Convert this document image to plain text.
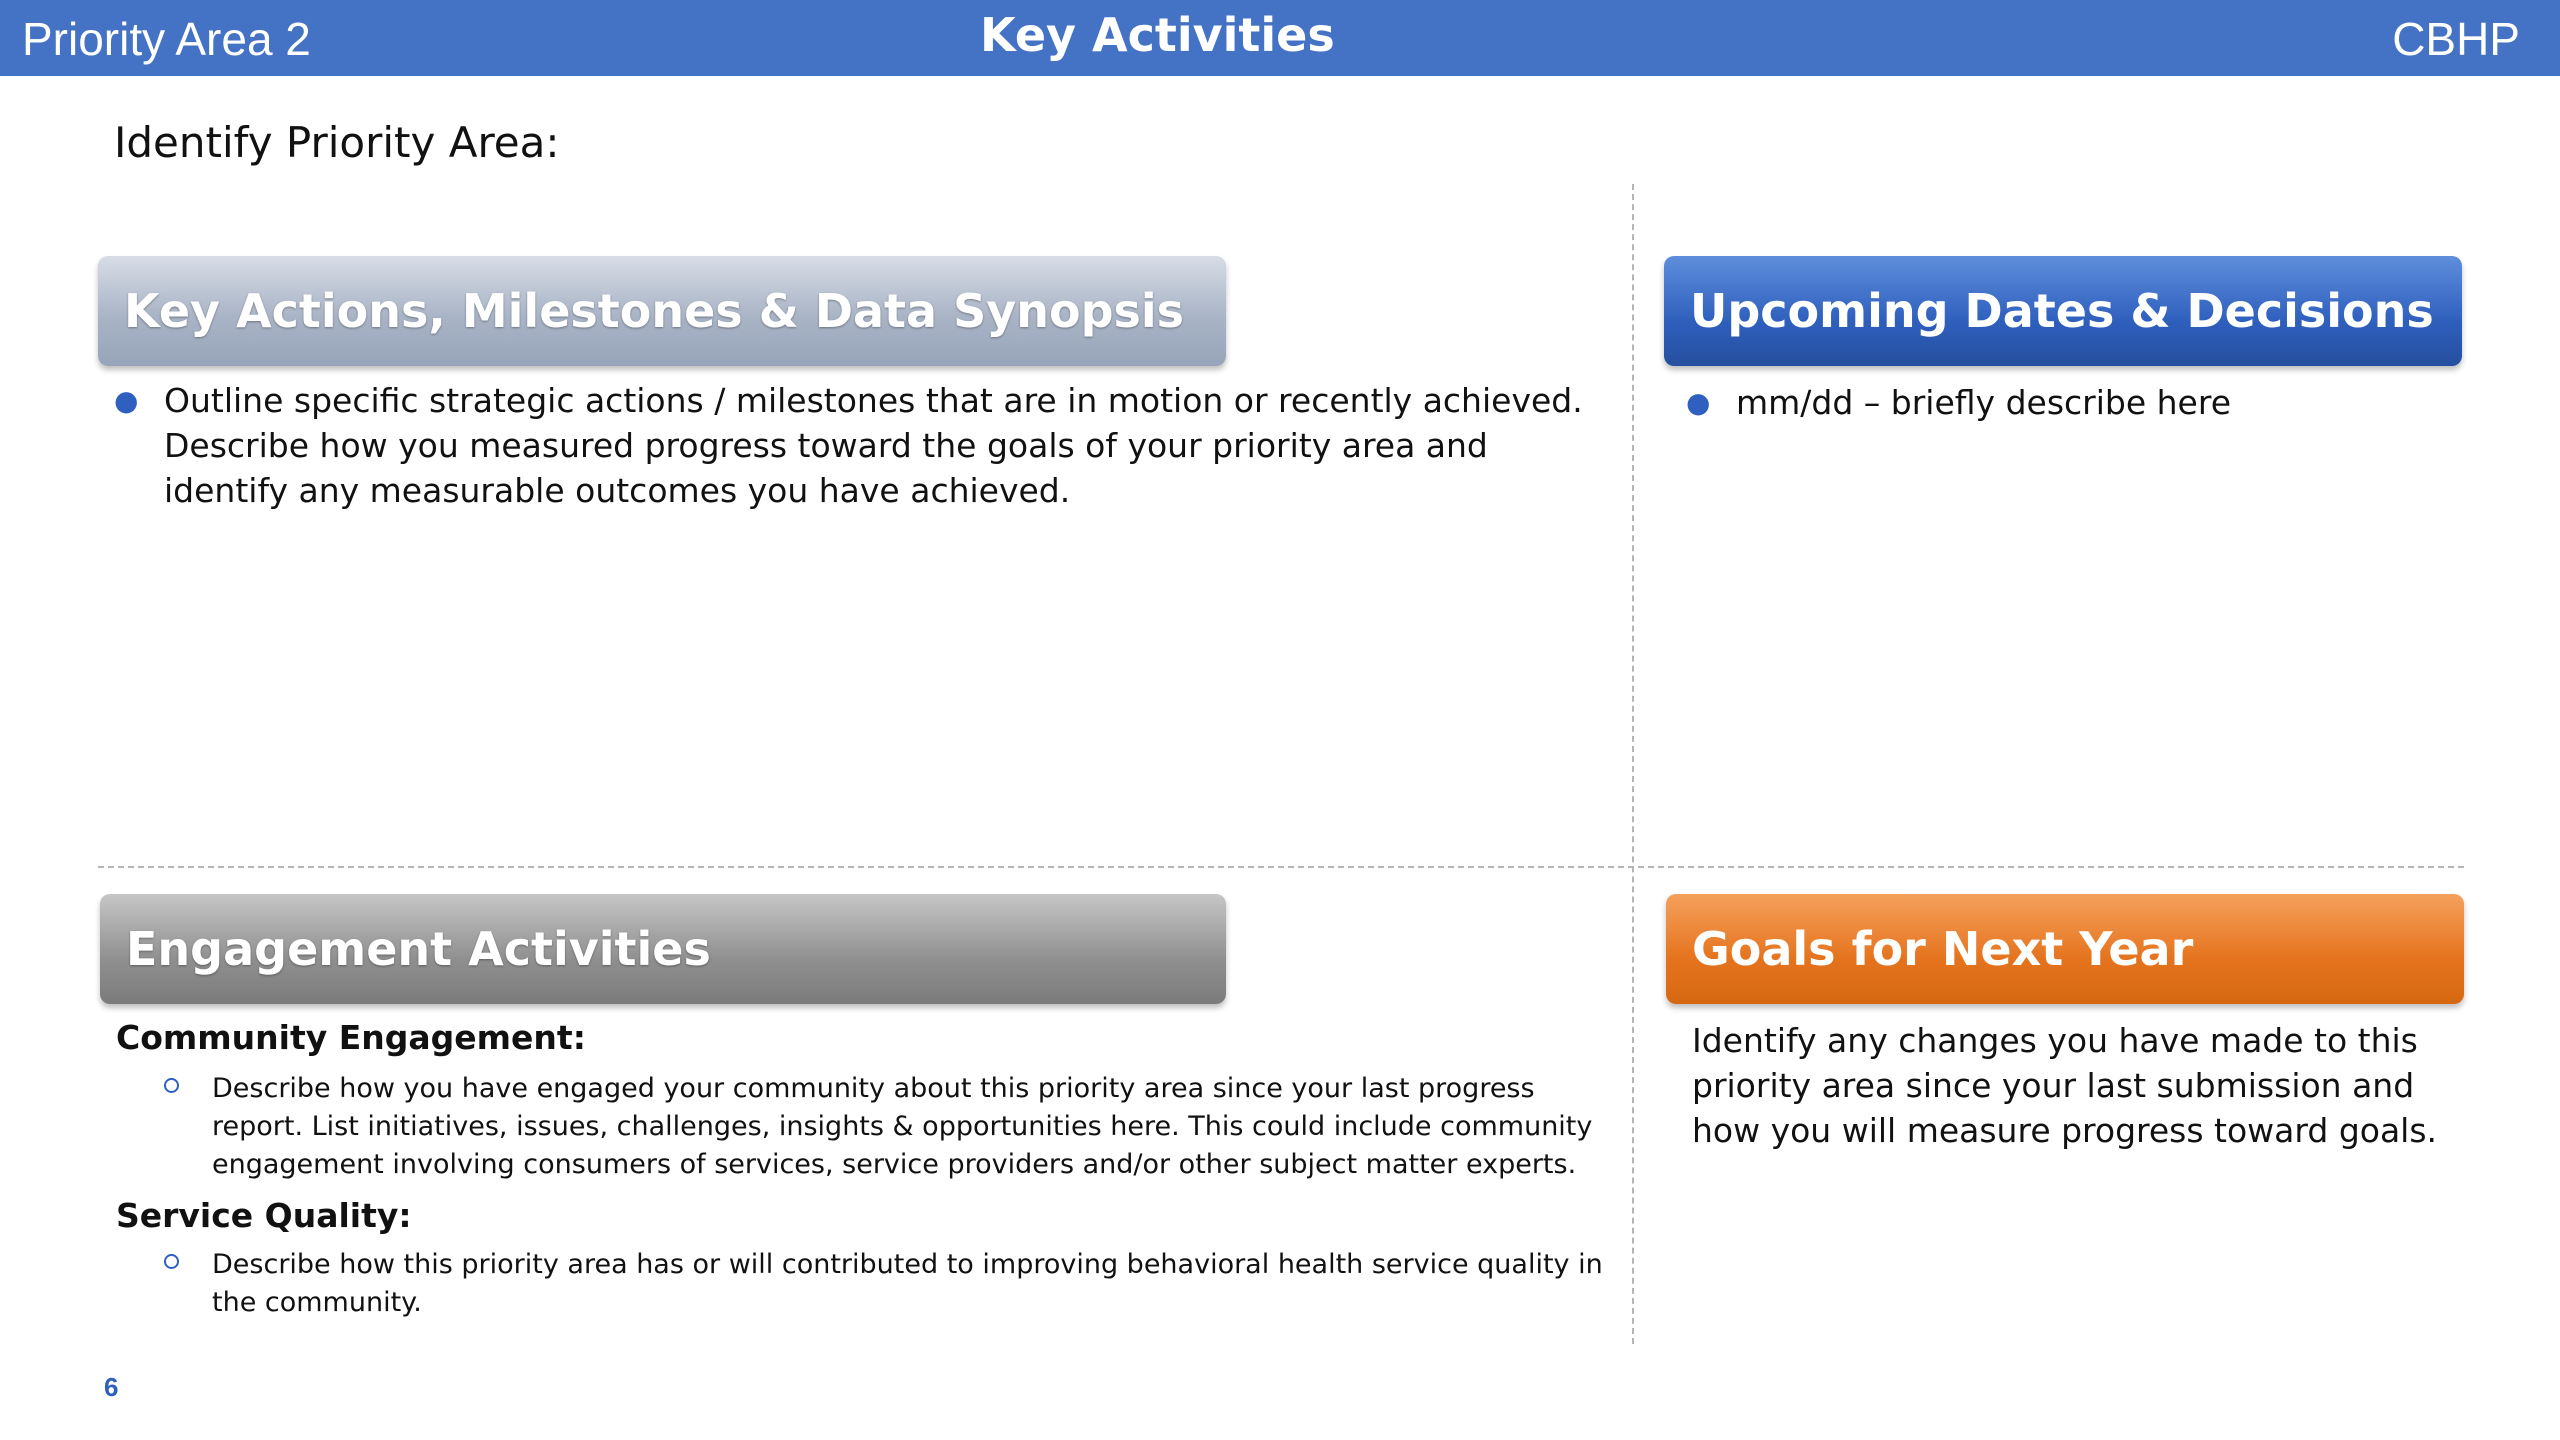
Priority Area 2	Key Activities	CBHP
Identify Priority Area:
Key Actions, Milestones & Data Synopsis
● Outline specific strategic actions / milestones that are in motion or recently achieved. Describe how you measured progress toward the goals of your priority area and identify any measurable outcomes you have achieved.
Upcoming Dates & Decisions
● mm/dd – briefly describe here
Engagement Activities
Community Engagement:
Describe how you have engaged your community about this priority area since your last progress report. List initiatives, issues, challenges, insights & opportunities here. This could include community engagement involving consumers of services, service providers and/or other subject matter experts.
Service Quality:
Describe how this priority area has or will contributed to improving behavioral health service quality in the community.
Goals for Next Year
Identify any changes you have made to this priority area since your last submission and how you will measure progress toward goals.
6
